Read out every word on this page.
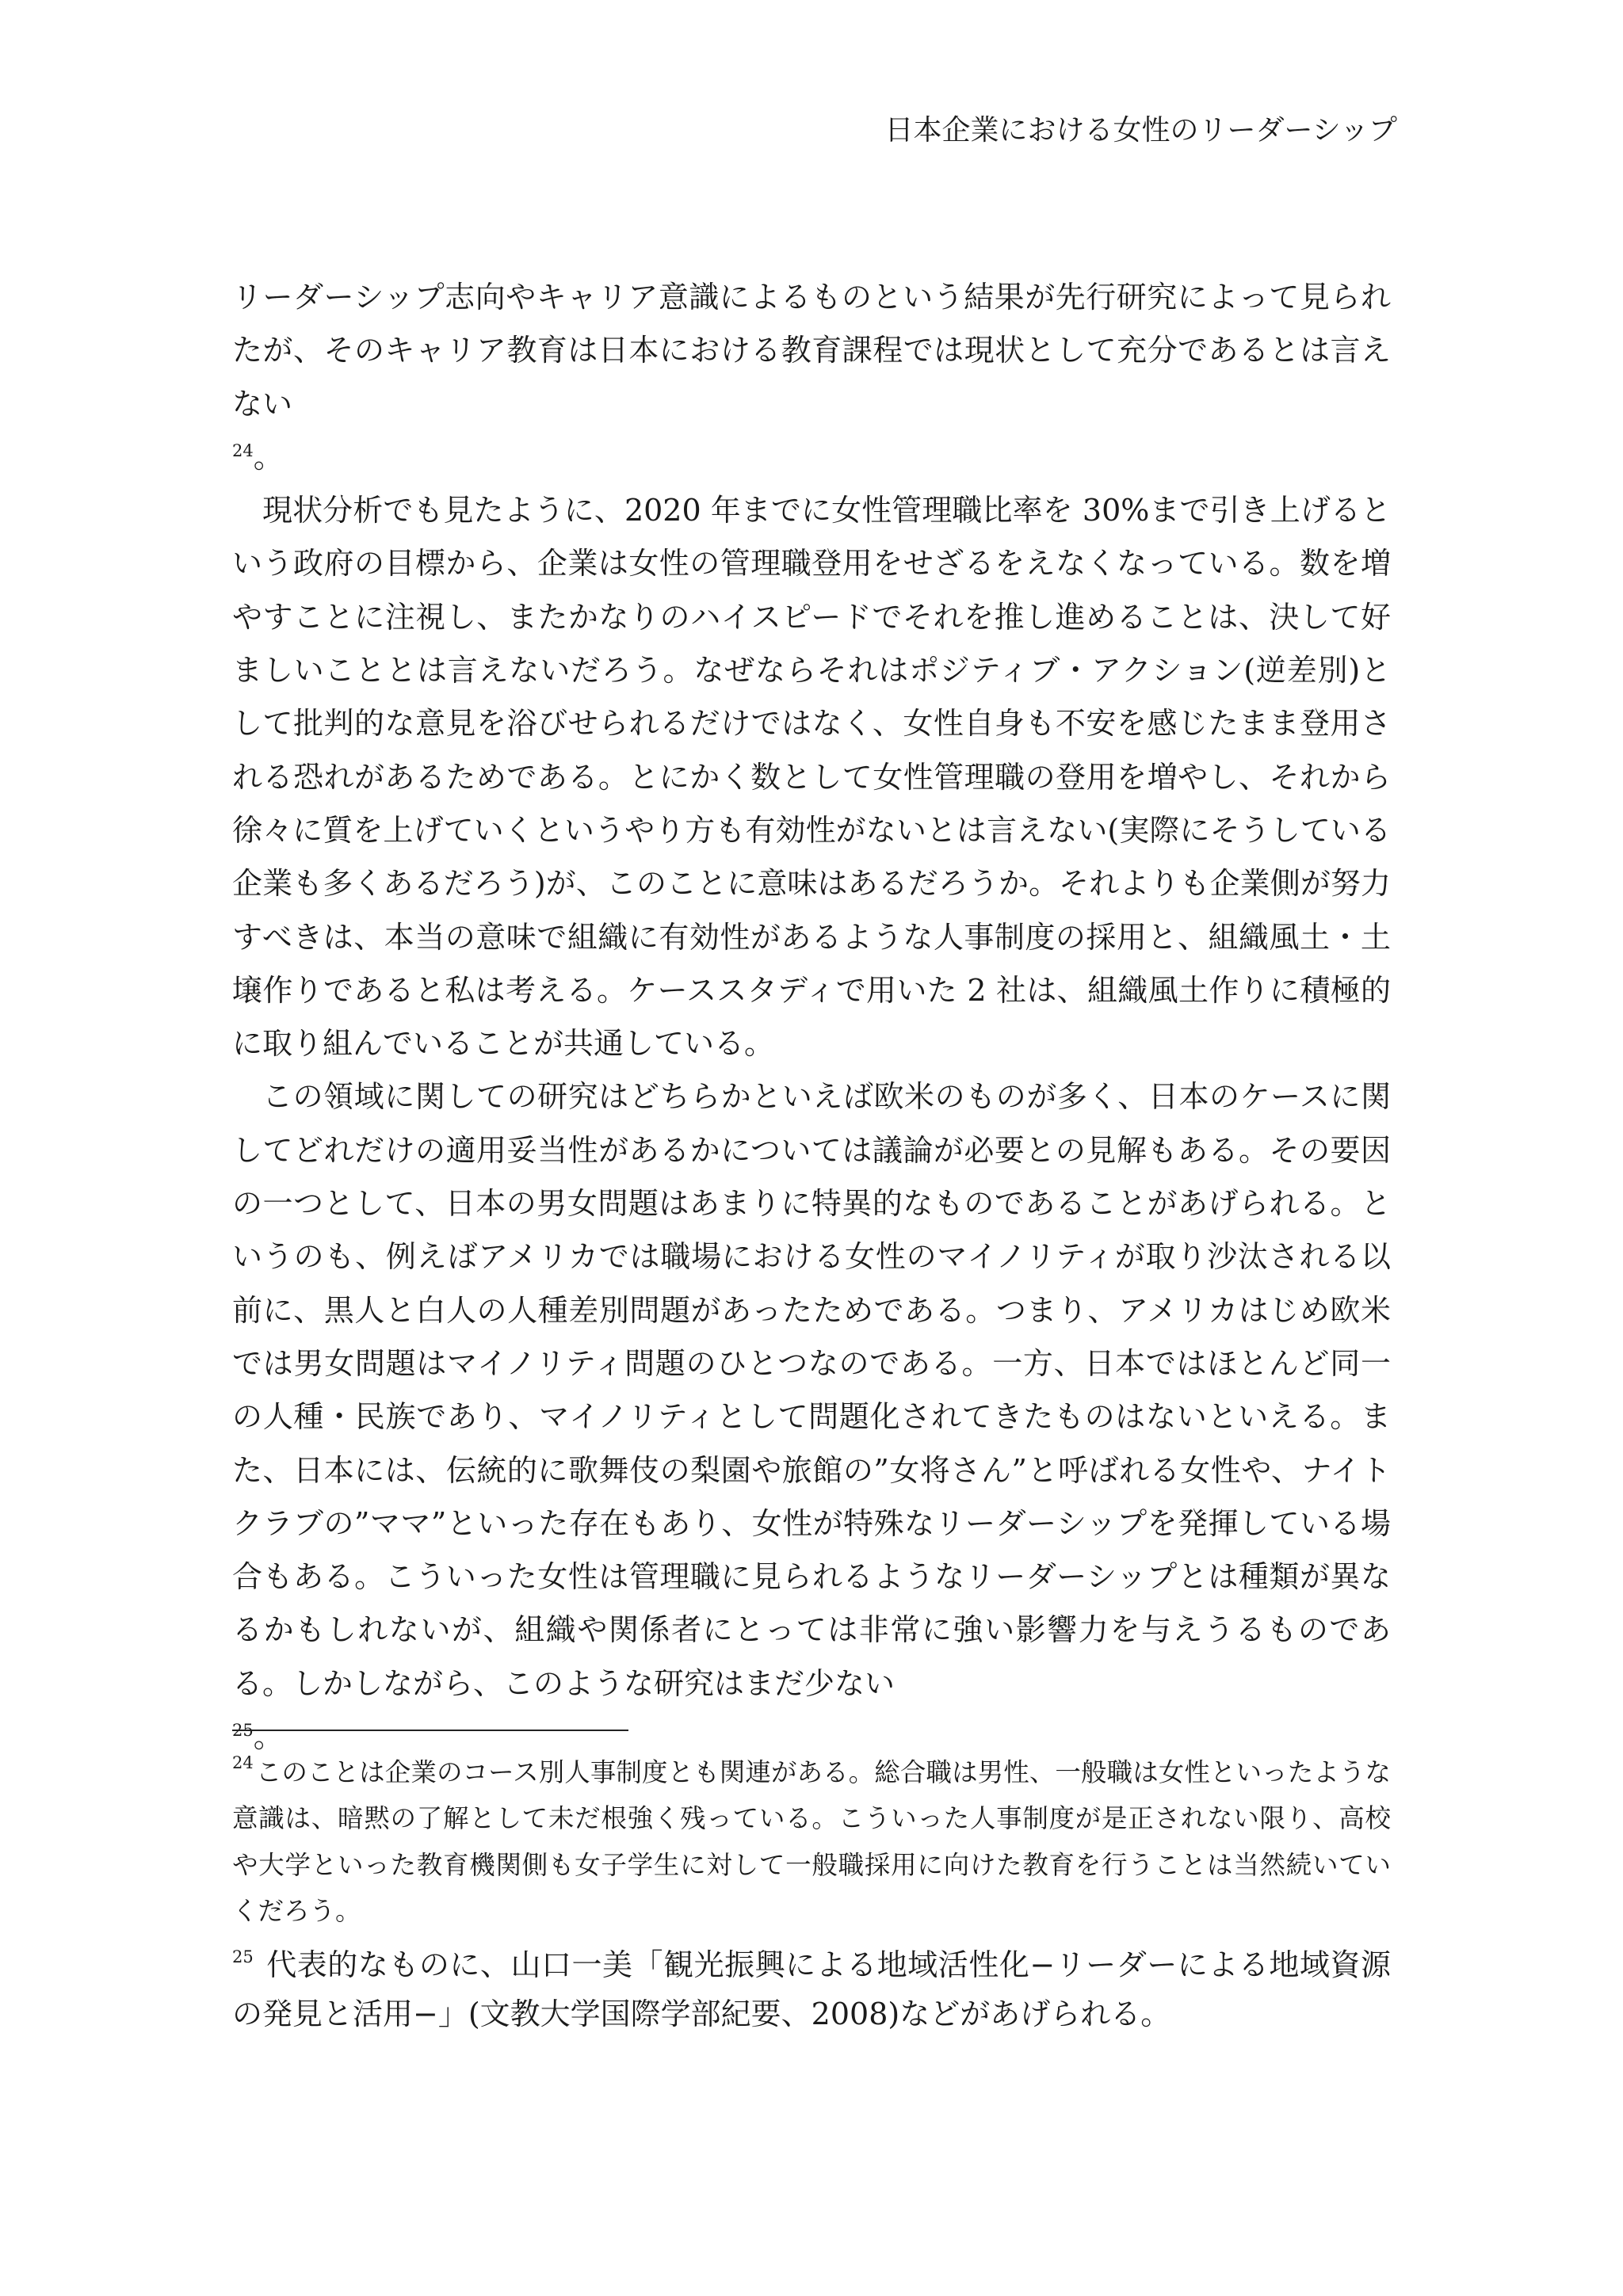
日本企業における女性のリーダーシップ

リーダーシップ志向やキャリア意識によるものという結果が先行研究によって見られたが、そのキャリア教育は日本における教育課程では現状として充分であるとは言えない
$^{24}$。

現状分析でも見たように、2020 年までに女性管理職比率を 30%まで引き上げるという政府の目標から、企業は女性の管理職登用をせざるをえなくなっている。数を増やすことに注視し、またかなりのハイスピードでそれを推し進めることは、決して好ましいこととは言えないだろう。なぜならそれはポジティブ・アクション(逆差別)として批判的な意見を浴びせられるだけではなく、女性自身も不安を感じたまま登用される恐れがあるためである。とにかく数として女性管理職の登用を増やし、それから徐々に質を上げていくというやり方も有効性がないとは言えない(実際にそうしている企業も多くあるだろう)が、このことに意味はあるだろうか。それよりも企業側が努力すべきは、本当の意味で組織に有効性があるような人事制度の採用と、組織風土・土壌作りであると私は考える。ケーススタディで用いた 2 社は、組織風土作りに積極的に取り組んでいることが共通している。

この領域に関しての研究はどちらかといえば欧米のものが多く、日本のケースに関してどれだけの適用妥当性があるかについては議論が必要との見解もある。その要因の一つとして、日本の男女問題はあまりに特異的なものであることがあげられる。というのも、例えばアメリカでは職場における女性のマイノリティが取り沙汰される以前に、黒人と白人の人種差別問題があったためである。つまり、アメリカはじめ欧米では男女問題はマイノリティ問題のひとつなのである。一方、日本ではほとんど同一の人種・民族であり、マイノリティとして問題化されてきたものはないといえる。また、日本には、伝統的に歌舞伎の梨園や旅館の”女将さん”と呼ばれる女性や、ナイトクラブの”ママ”といった存在もあり、女性が特殊なリーダーシップを発揮している場合もある。こういった女性は管理職に見られるようなリーダーシップとは種類が異なるかもしれないが、組織や関係者にとっては非常に強い影響力を与えうるものである。しかしながら、このような研究はまだ少ない
$^{25}$。

$^{24}$このことは企業のコース別人事制度とも関連がある。総合職は男性、一般職は女性といったような意識は、暗黙の了解として未だ根強く残っている。こういった人事制度が是正されない限り、高校や大学といった教育機関側も女子学生に対して一般職採用に向けた教育を行うことは当然続いていくだろう。

$^{25}$ 代表的なものに、山口一美「観光振興による地域活性化−リーダーによる地域資源の発見と活用−」(文教大学国際学部紀要、2008)などがあげられる。
